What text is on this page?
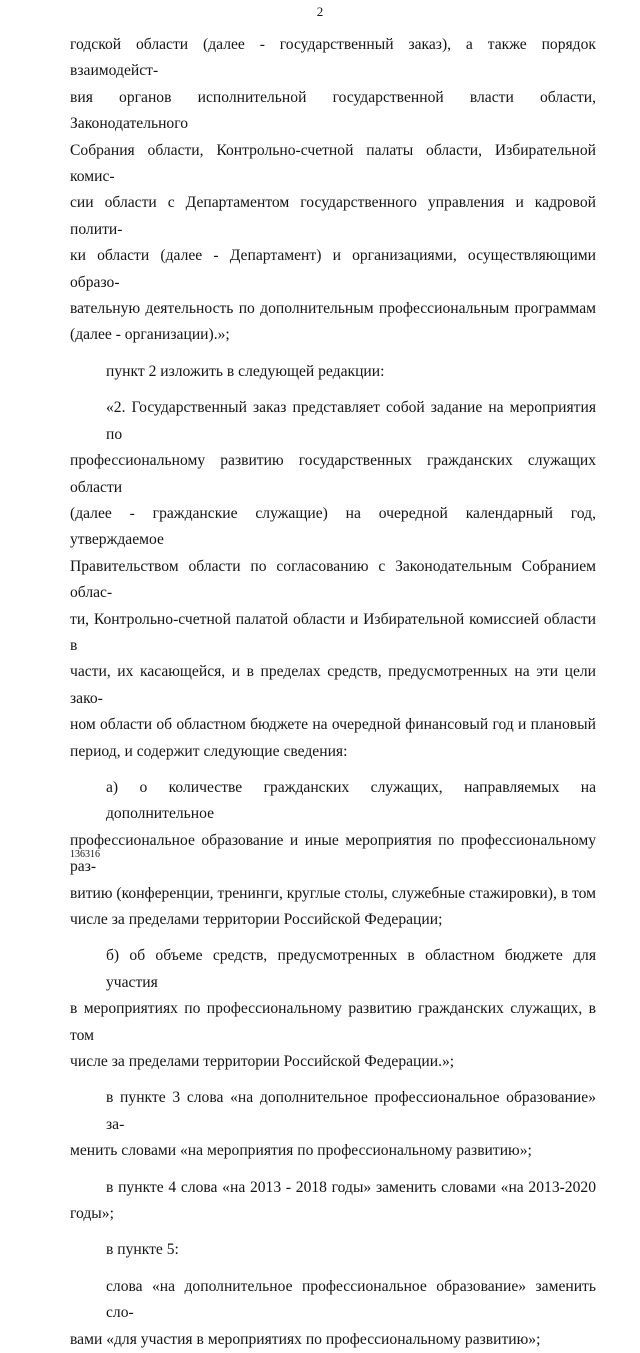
2
годской области (далее - государственный заказ), а также порядок взаимодейст-
вия органов исполнительной государственной власти области, Законодательного
Собрания области, Контрольно-счетной палаты области, Избирательной комис-
сии области с Департаментом государственного управления и кадровой полити-
ки области (далее - Департамент) и организациями, осуществляющими образо-
вательную деятельность по дополнительным профессиональным программам
(далее - организации).»;
пункт 2 изложить в следующей редакции:
«2. Государственный заказ представляет собой задание на мероприятия по
профессиональному развитию государственных гражданских служащих области
(далее - гражданские служащие) на очередной календарный год, утверждаемое
Правительством области по согласованию с Законодательным Собранием облас-
ти, Контрольно-счетной палатой области и Избирательной комиссией области в
части, их касающейся, и в пределах средств, предусмотренных на эти цели зако-
ном области об областном бюджете на очередной финансовый год и плановый
период, и содержит следующие сведения:
а) о количестве гражданских служащих, направляемых на дополнительное
профессиональное образование и иные мероприятия по профессиональному раз-
витию (конференции, тренинги, круглые столы, служебные стажировки), в том
числе за пределами территории Российской Федерации;
б) об объеме средств, предусмотренных в областном бюджете для участия
в мероприятиях по профессиональному развитию гражданских служащих, в том
числе за пределами территории Российской Федерации.»;
в пункте 3 слова «на дополнительное профессиональное образование» за-
менить словами «на мероприятия по профессиональному развитию»;
в пункте 4 слова «на 2013 - 2018 годы» заменить словами «на 2013-2020
годы»;
в пункте 5:
слова «на дополнительное профессиональное образование» заменить сло-
вами «для участия в мероприятиях по профессиональному развитию»;
136316
